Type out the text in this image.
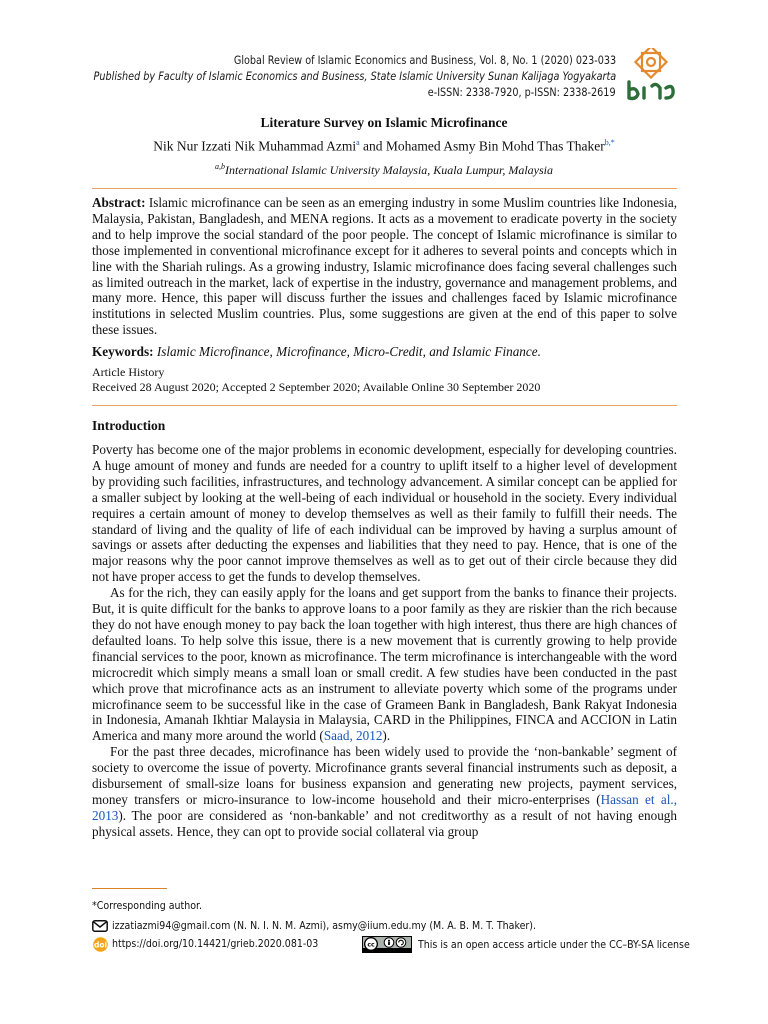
Global Review of Islamic Economics and Business, Vol. 8, No. 1 (2020) 023-033
Published by Faculty of Islamic Economics and Business, State Islamic University Sunan Kalijaga Yogyakarta
e-ISSN: 2338-7920, p-ISSN: 2338-2619
Literature Survey on Islamic Microfinance
Nik Nur Izzati Nik Muhammad Azmi$^a$ and Mohamed Asmy Bin Mohd Thas Thaker$^{b,*}$
$^{a,b}$International Islamic University Malaysia, Kuala Lumpur, Malaysia

Abstract: Islamic microfinance can be seen as an emerging industry in some Muslim countries like Indonesia, Malaysia, Pakistan, Bangladesh, and MENA regions. It acts as a movement to eradicate poverty in the society and to help improve the social standard of the poor people. The concept of Islamic microfinance is similar to those implemented in conventional microfinance except for it adheres to several points and concepts which in line with the Shariah rulings. As a growing industry, Islamic microfinance does facing several challenges such as limited outreach in the market, lack of expertise in the industry, governance and management problems, and many more. Hence, this paper will discuss further the issues and challenges faced by Islamic microfinance institutions in selected Muslim countries. Plus, some suggestions are given at the end of this paper to solve these issues.

Keywords: Islamic Microfinance, Microfinance, Micro-Credit, and Islamic Finance.

Article History

Received 28 August 2020; Accepted 2 September 2020; Available Online 30 September 2020

Introduction

Poverty has become one of the major problems in economic development, especially for developing countries. A huge amount of money and funds are needed for a country to uplift itself to a higher level of development by providing such facilities, infrastructures, and technology advancement. A similar concept can be applied for a smaller subject by looking at the well-being of each individual or household in the society. Every individual requires a certain amount of money to develop themselves as well as their family to fulfill their needs. The standard of living and the quality of life of each individual can be improved by having a surplus amount of savings or assets after deducting the expenses and liabilities that they need to pay. Hence, that is one of the major reasons why the poor cannot improve themselves as well as to get out of their circle because they did not have proper access to get the funds to develop themselves.

As for the rich, they can easily apply for the loans and get support from the banks to finance their projects. But, it is quite difficult for the banks to approve loans to a poor family as they are riskier than the rich because they do not have enough money to pay back the loan together with high interest, thus there are high chances of defaulted loans. To help solve this issue, there is a new movement that is currently growing to help provide financial services to the poor, known as microfinance. The term microfinance is interchangeable with the word microcredit which simply means a small loan or small credit. A few studies have been conducted in the past which prove that microfinance acts as an instrument to alleviate poverty which some of the programs under microfinance seem to be successful like in the case of Grameen Bank in Bangladesh, Bank Rakyat Indonesia in Indonesia, Amanah Ikhtiar Malaysia in Malaysia, CARD in the Philippines, FINCA and ACCION in Latin America and many more around the world (Saad, 2012).

For the past three decades, microfinance has been widely used to provide the ‘non-bankable’ segment of society to overcome the issue of poverty. Microfinance grants several financial instruments such as deposit, a disbursement of small-size loans for business expansion and generating new projects, payment services, money transfers or micro-insurance to low-income household and their micro-enterprises (Hassan et al., 2013). The poor are considered as ‘non-bankable’ and not creditworthy as a result of not having enough physical assets. Hence, they can opt to provide social collateral via group

*Corresponding author.
izzatiazmi94@gmail.com (N. N. I. N. M. Azmi), asmy@iium.edu.my (M. A. B. M. T. Thaker).
doi https://doi.org/10.14421/grieb.2020.081-03	cc	This is an open access article under the CC–BY-SA license
